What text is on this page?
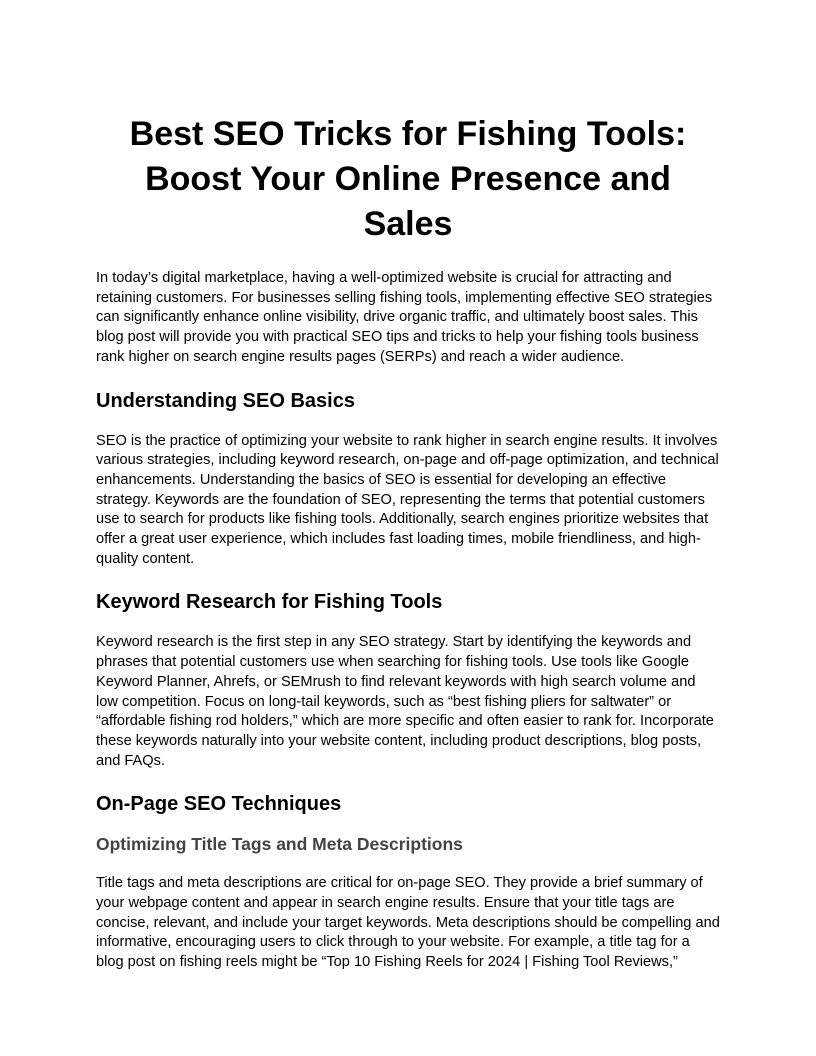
Best SEO Tricks for Fishing Tools: Boost Your Online Presence and Sales

In today’s digital marketplace, having a well-optimized website is crucial for attracting and retaining customers. For businesses selling fishing tools, implementing effective SEO strategies can significantly enhance online visibility, drive organic traffic, and ultimately boost sales. This blog post will provide you with practical SEO tips and tricks to help your fishing tools business rank higher on search engine results pages (SERPs) and reach a wider audience.

Understanding SEO Basics

SEO is the practice of optimizing your website to rank higher in search engine results. It involves various strategies, including keyword research, on-page and off-page optimization, and technical enhancements. Understanding the basics of SEO is essential for developing an effective strategy. Keywords are the foundation of SEO, representing the terms that potential customers use to search for products like fishing tools. Additionally, search engines prioritize websites that offer a great user experience, which includes fast loading times, mobile friendliness, and high-quality content.

Keyword Research for Fishing Tools

Keyword research is the first step in any SEO strategy. Start by identifying the keywords and phrases that potential customers use when searching for fishing tools. Use tools like Google Keyword Planner, Ahrefs, or SEMrush to find relevant keywords with high search volume and low competition. Focus on long-tail keywords, such as “best fishing pliers for saltwater” or “affordable fishing rod holders,” which are more specific and often easier to rank for. Incorporate these keywords naturally into your website content, including product descriptions, blog posts, and FAQs.

On-Page SEO Techniques
Optimizing Title Tags and Meta Descriptions

Title tags and meta descriptions are critical for on-page SEO. They provide a brief summary of your webpage content and appear in search engine results. Ensure that your title tags are concise, relevant, and include your target keywords. Meta descriptions should be compelling and informative, encouraging users to click through to your website. For example, a title tag for a blog post on fishing reels might be “Top 10 Fishing Reels for 2024 | Fishing Tool Reviews,”
